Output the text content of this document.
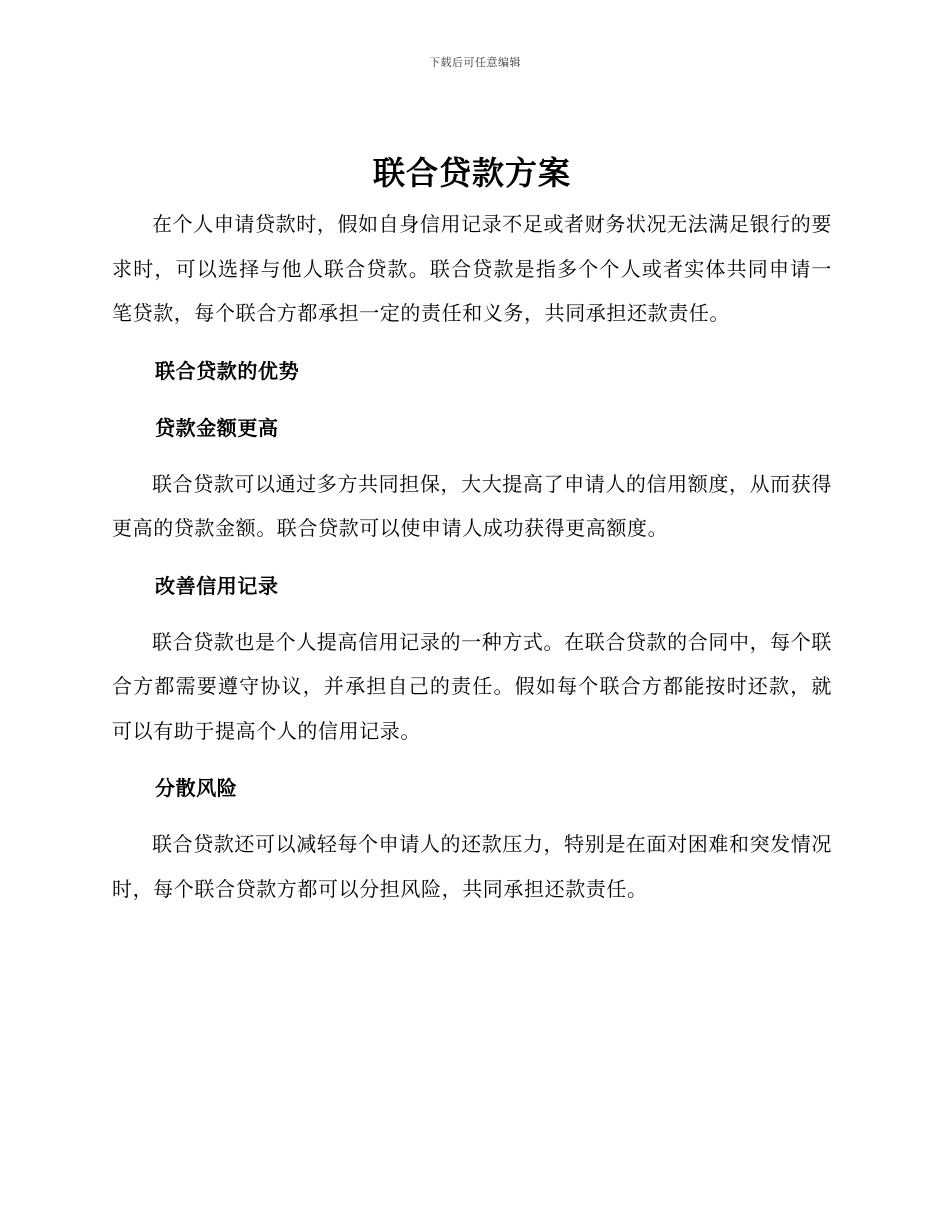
下载后可任意编辑
联合贷款方案

在个人申请贷款时，假如自身信用记录不足或者财务状况无法满足银行的要求时，可以选择与他人联合贷款。联合贷款是指多个个人或者实体共同申请一笔贷款，每个联合方都承担一定的责任和义务，共同承担还款责任。

联合贷款的优势
贷款金额更高

联合贷款可以通过多方共同担保，大大提高了申请人的信用额度，从而获得更高的贷款金额。联合贷款可以使申请人成功获得更高额度。

改善信用记录

联合贷款也是个人提高信用记录的一种方式。在联合贷款的合同中，每个联合方都需要遵守协议，并承担自己的责任。假如每个联合方都能按时还款，就可以有助于提高个人的信用记录。

分散风险

联合贷款还可以减轻每个申请人的还款压力，特别是在面对困难和突发情况时，每个联合贷款方都可以分担风险，共同承担还款责任。
